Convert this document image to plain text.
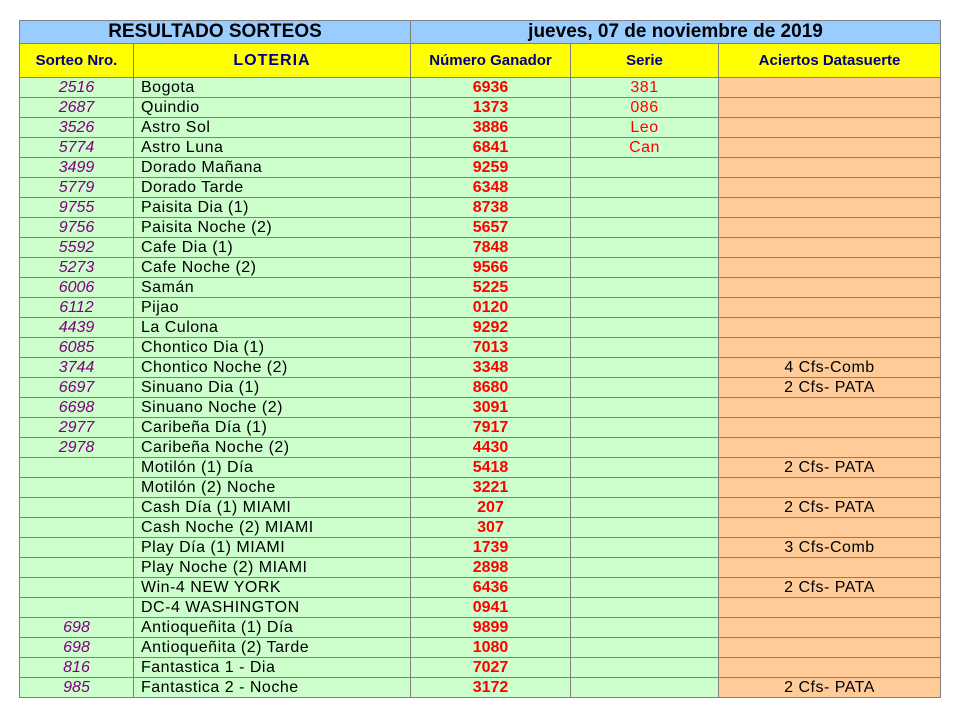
RESULTADO SORTEOS		jueves, 07 de noviembre de 2019		
Sorteo Nro.	LOTERIA	Número Ganador	Serie	Aciertos Datasuerte
2516	Bogota	6936	381	
2687	Quindio	1373	086	
3526	Astro Sol	3886	Leo	
5774	Astro Luna	6841	Can	
3499	Dorado Mañana	9259		
5779	Dorado Tarde	6348		
9755	Paisita Dia (1)	8738		
9756	Paisita Noche (2)	5657		
5592	Cafe Dia (1)	7848		
5273	Cafe Noche (2)	9566		
6006	Samán	5225		
6112	Pijao	0120		
4439	La Culona	9292		
6085	Chontico Dia (1)	7013		
3744	Chontico Noche (2)	3348		4 Cfs-Comb
6697	Sinuano Dia (1)	8680		2 Cfs- PATA
6698	Sinuano Noche (2)	3091		
2977	Caribeña Día (1)	7917		
2978	Caribeña Noche (2)	4430		
	Motilón (1) Día	5418		2 Cfs- PATA
	Motilón (2) Noche	3221		
	Cash Día (1) MIAMI	207		2 Cfs- PATA
	Cash Noche (2) MIAMI	307		
	Play Día (1) MIAMI	1739		3 Cfs-Comb
	Play Noche (2) MIAMI	2898		
	Win-4 NEW YORK	6436		2 Cfs- PATA
	DC-4 WASHINGTON	0941		
698	Antioqueñita (1) Día	9899		
698	Antioqueñita (2) Tarde	1080		
816	Fantastica 1 - Dia	7027		
985	Fantastica 2 - Noche	3172		2 Cfs- PATA
